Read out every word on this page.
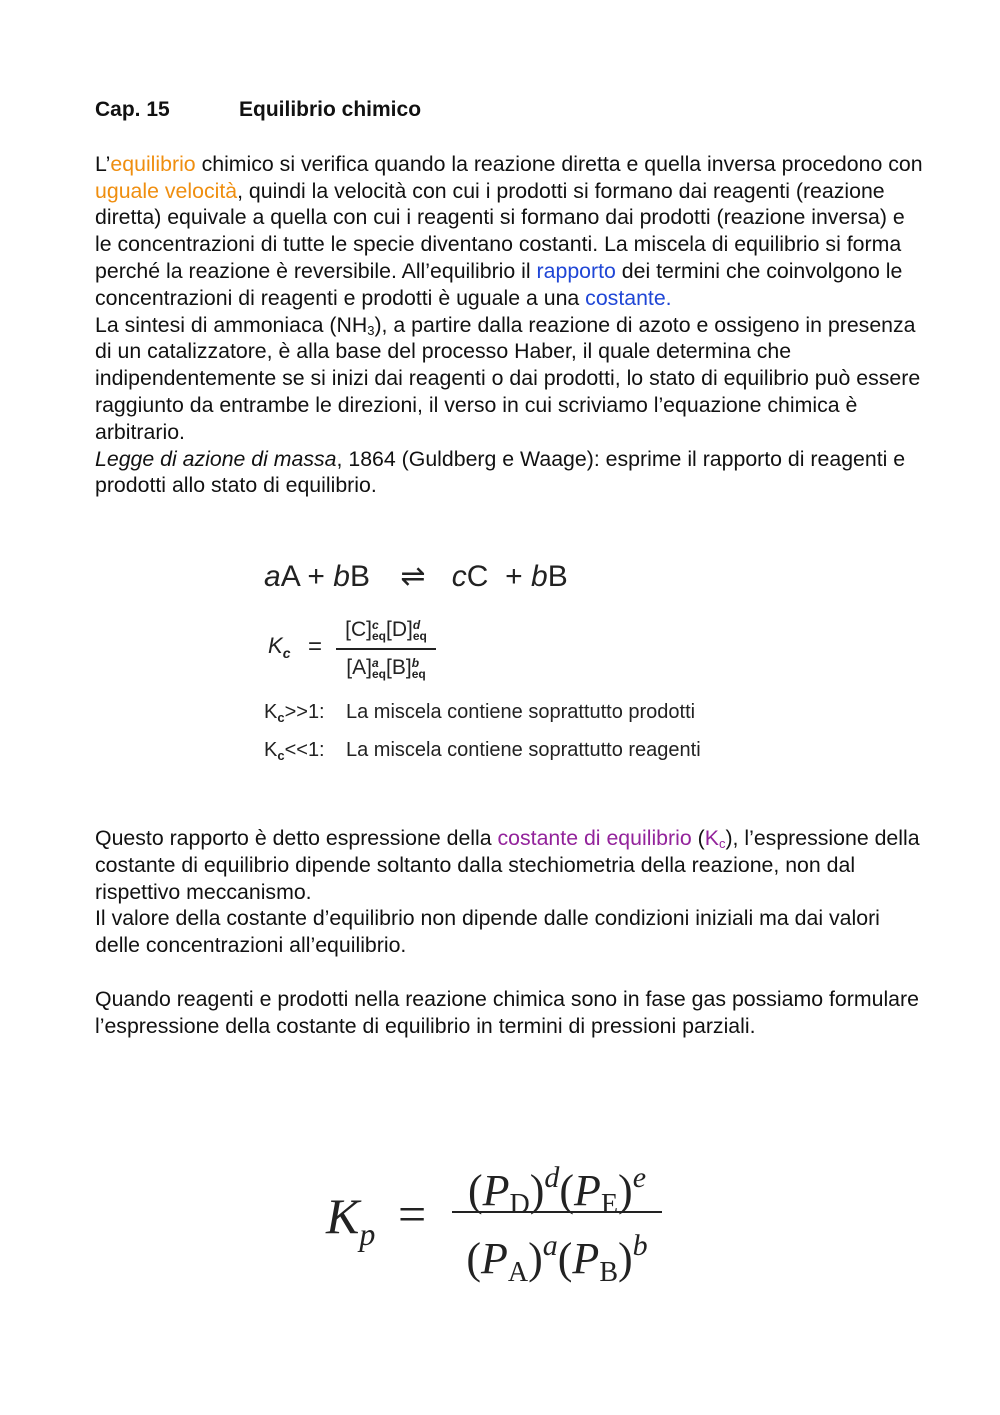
Cap. 15	Equilibrio chimico

L’equilibrio chimico si verifica quando la reazione diretta e quella inversa procedono con uguale velocità, quindi la velocità con cui i prodotti si formano dai reagenti (reazione diretta) equivale a quella con cui i reagenti si formano dai prodotti (reazione inversa) e le concentrazioni di tutte le specie diventano costanti. La miscela di equilibrio si forma perché la reazione è reversibile. All’equilibrio il rapporto dei termini che coinvolgono le concentrazioni di reagenti e prodotti è uguale a una costante.

La sintesi di ammoniaca $(NH_3)$, a partire dalla reazione di azoto e ossigeno in presenza di un catalizzatore, è alla base del processo Haber, il quale determina che indipendentemente se si inizi dai reagenti o dai prodotti, lo stato di equilibrio può essere raggiunto da entrambe le direzioni, il verso in cui scriviamo l’equazione chimica è arbitrario.

Legge di azione di massa, 1864 (Guldberg e Waage): esprime il rapporto di reagenti e prodotti allo stato di equilibrio.

aA + bB ⇌ cC + bB
$K_c$ =
[C] c
eq [D] d
eq
[A] a
eq [B] b
eq
$K_c>>1$: La miscela contiene soprattutto prodotti
$K_c<<1$: La miscela contiene soprattutto reagenti

Questo rapporto è detto espressione della costante di equilibrio $(K_c)$, l’espressione della costante di equilibrio dipende soltanto dalla stechiometria della reazione, non dal rispettivo meccanismo.

Il valore della costante d’equilibrio non dipende dalle condizioni iniziali ma dai valori delle concentrazioni all’equilibrio.

Quando reagenti e prodotti nella reazione chimica sono in fase gas possiamo formulare l’espressione della costante di equilibrio in termini di pressioni parziali.

$K_p = (P_D)^d(P_E)^e$
$(P_A)^a(P_B)^b$
